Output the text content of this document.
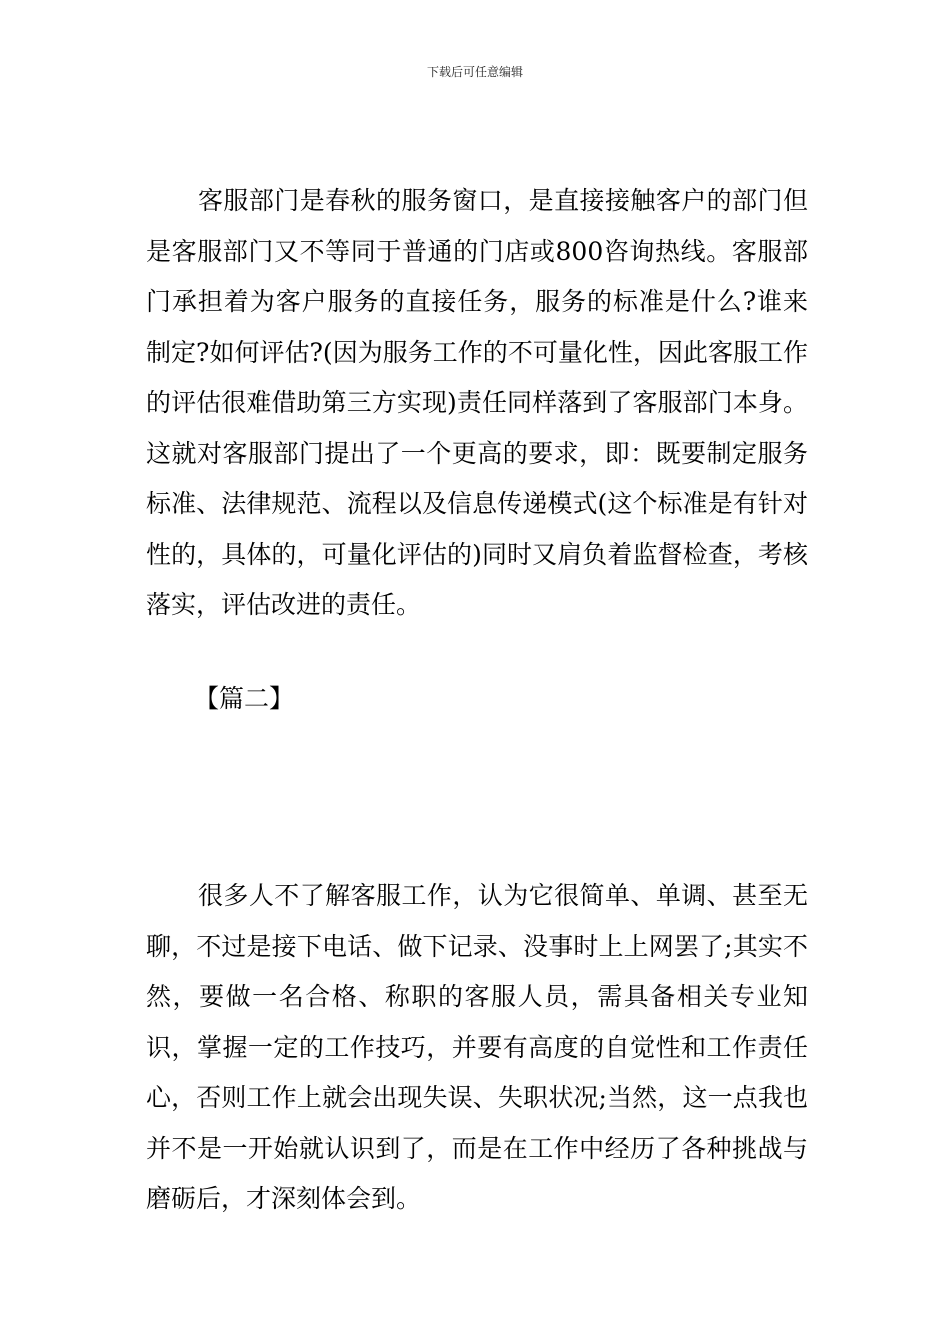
下载后可任意编辑

客服部门是春秋的服务窗口，是直接接触客户的部门但是客服部门又不等同于普通的门店或800咨询热线。客服部门承担着为客户服务的直接任务，服务的标准是什么?谁来制定?如何评估?(因为服务工作的不可量化性，因此客服工作的评估很难借助第三方实现)责任同样落到了客服部门本身。这就对客服部门提出了一个更高的要求，即：既要制定服务标准、法律规范、流程以及信息传递模式(这个标准是有针对性的，具体的，可量化评估的)同时又肩负着监督检查，考核落实，评估改进的责任。

【篇二】

很多人不了解客服工作，认为它很简单、单调、甚至无聊，不过是接下电话、做下记录、没事时上上网罢了;其实不然，要做一名合格、称职的客服人员，需具备相关专业知识，掌握一定的工作技巧，并要有高度的自觉性和工作责任心，否则工作上就会出现失误、失职状况;当然，这一点我也并不是一开始就认识到了，而是在工作中经历了各种挑战与磨砺后，才深刻体会到。
